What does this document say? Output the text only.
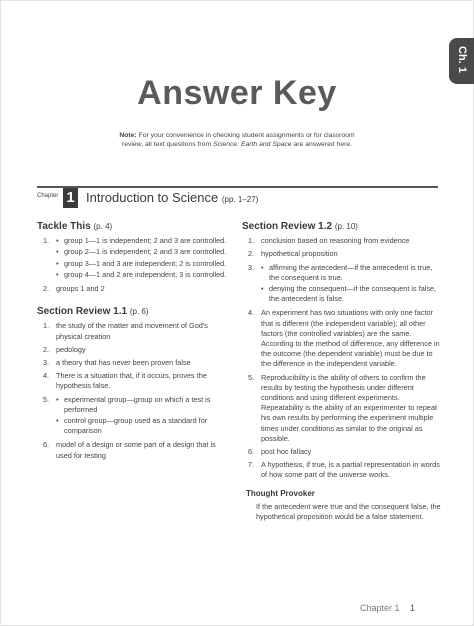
Ch. 1
Answer Key
Note: For your convenience in checking student assignments or for classroom review, all text questions from Science: Earth and Space are answered here.
Chapter 1 Introduction to Science (pp. 1–27)
Tackle This (p. 4)
1. • group 1—1 is independent; 2 and 3 are controlled.
• group 2—1 is independent; 2 and 3 are controlled.
• group 3—1 and 3 are independent; 2 is controlled.
• group 4—1 and 2 are independent; 3 is controlled.
2. groups 1 and 2
Section Review 1.1 (p. 6)
1. the study of the matter and movement of God's physical creation
2. pedology
3. a theory that has never been proven false
4. There is a situation that, if it occurs, proves the hypothesis false.
5. • experimental group—group on which a test is performed
• control group—group used as a standard for comparison
6. model of a design or some part of a design that is used for testing
Section Review 1.2 (p. 10)
1. conclusion based on reasoning from evidence
2. hypothetical proposition
3. • affirming the antecedent—if the antecedent is true, the consequent is true.
• denying the consequent—if the consequent is false, the antecedent is false.
4. An experiment has two situations with only one factor that is different (the independent variable); all other factors (the controlled variables) are the same. According to the method of difference, any difference in the outcome (the dependent variable) must be due to the difference in the independent variable.
5. Reproducibility is the ability of others to confirm the results by testing the hypothesis under different conditions and using different experiments. Repeatability is the ability of an experimenter to repeat his own results by performing the experiment multiple times under conditions as similar to the original as possible.
6. post hoc fallacy
7. A hypothesis, if true, is a partial representation in words of how some part of the universe works.
Thought Provoker
If the antecedent were true and the consequent false, the hypothetical proposition would be a false statement.
Chapter 1 1
